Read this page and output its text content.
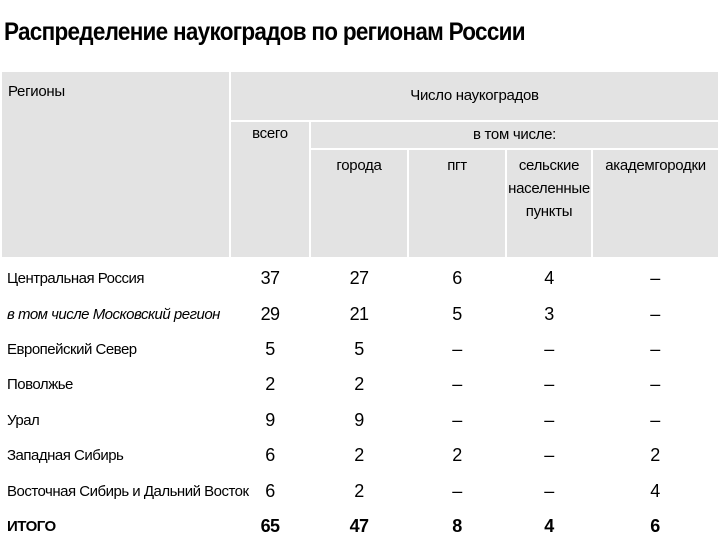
Распределение наукоградов по регионам России
Регионы	Число наукоградов				
	всего	в том числе:			
		города	пгт	сельские населенные пункты	академгородки
Центральная Россия	37	27	6	4	–
в том числе Московский регион	29	21	5	3	–
Европейский Север	5	5	–	–	–
Поволжье	2	2	–	–	–
Урал	9	9	–	–	–
Западная Сибирь	6	2	2	–	2
Восточная Сибирь и Дальний Восток	6	2	–	–	4
ИТОГО	65	47	8	4	6
